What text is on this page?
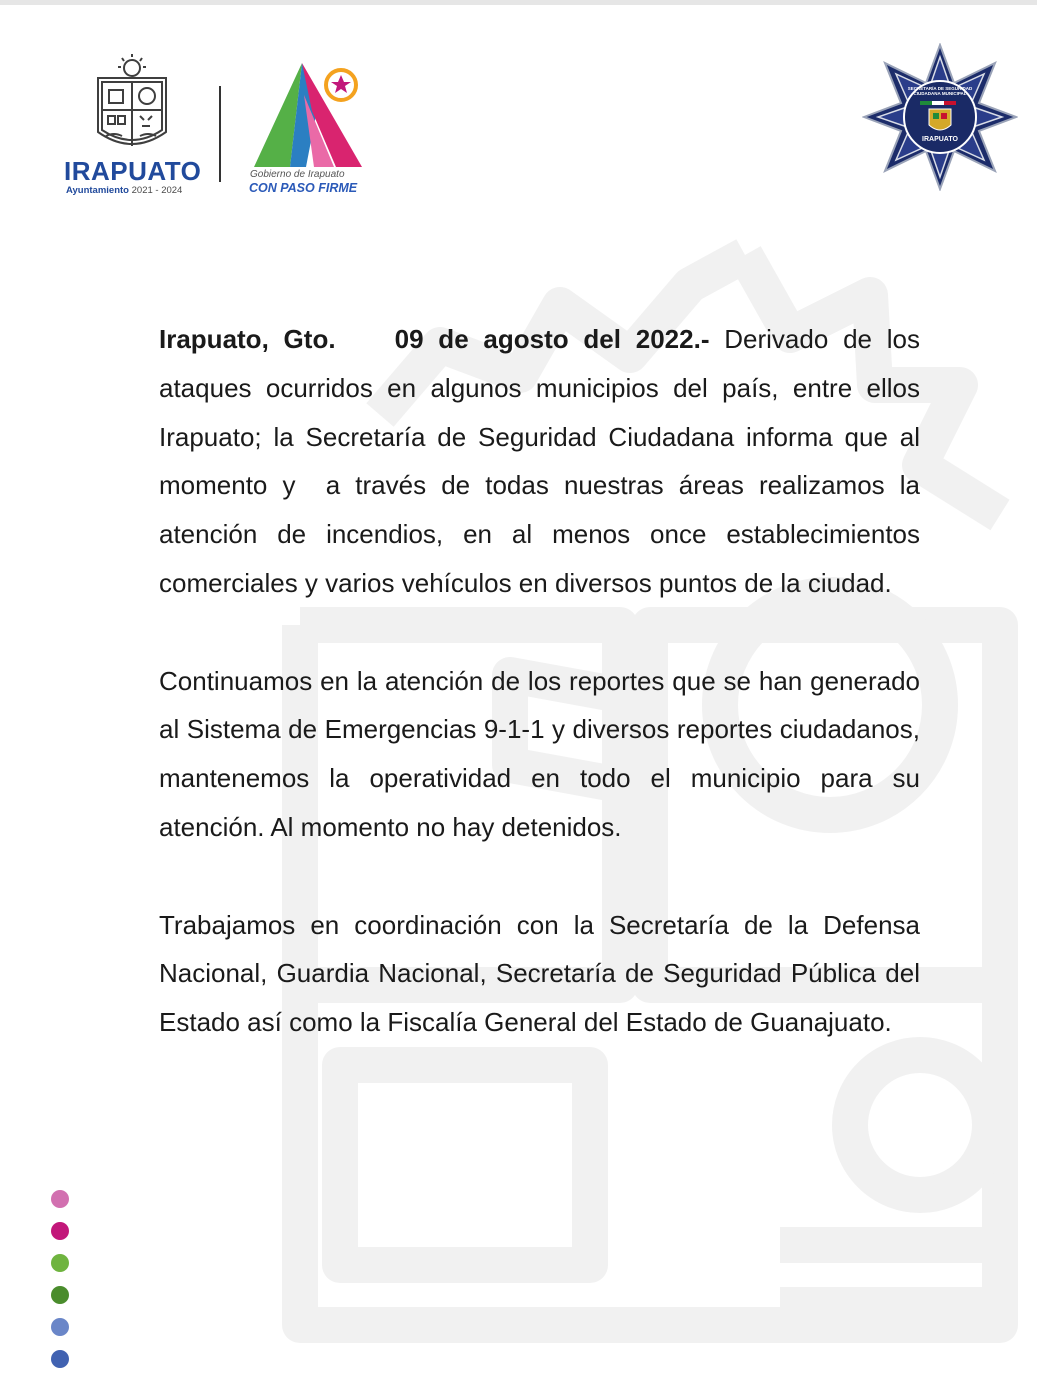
IRAPUATO
Ayuntamiento 2021 - 2024
Gobierno de Irapuato
CON PASO FIRME
SECRETARÍA DE SEGURIDAD CIUDADANA MUNICIPAL
IRAPUATO

Irapuato, Gto.    09 de agosto del 2022.- Derivado de los ataques ocurridos en algunos municipios del país, entre ellos  Irapuato; la Secretaría de Seguridad Ciudadana informa que al momento y  a través de todas nuestras áreas realizamos la atención de incendios, en al menos once establecimientos comerciales y varios vehículos en diversos puntos de la ciudad.

Continuamos en la atención de los reportes que se han generado al Sistema de Emergencias 9-1-1 y diversos reportes ciudadanos, mantenemos la operatividad en todo el municipio para su atención. Al momento no hay detenidos.

Trabajamos en coordinación con la Secretaría de la Defensa Nacional, Guardia Nacional, Secretaría de Seguridad Pública del Estado así como la Fiscalía General del Estado de Guanajuato.
